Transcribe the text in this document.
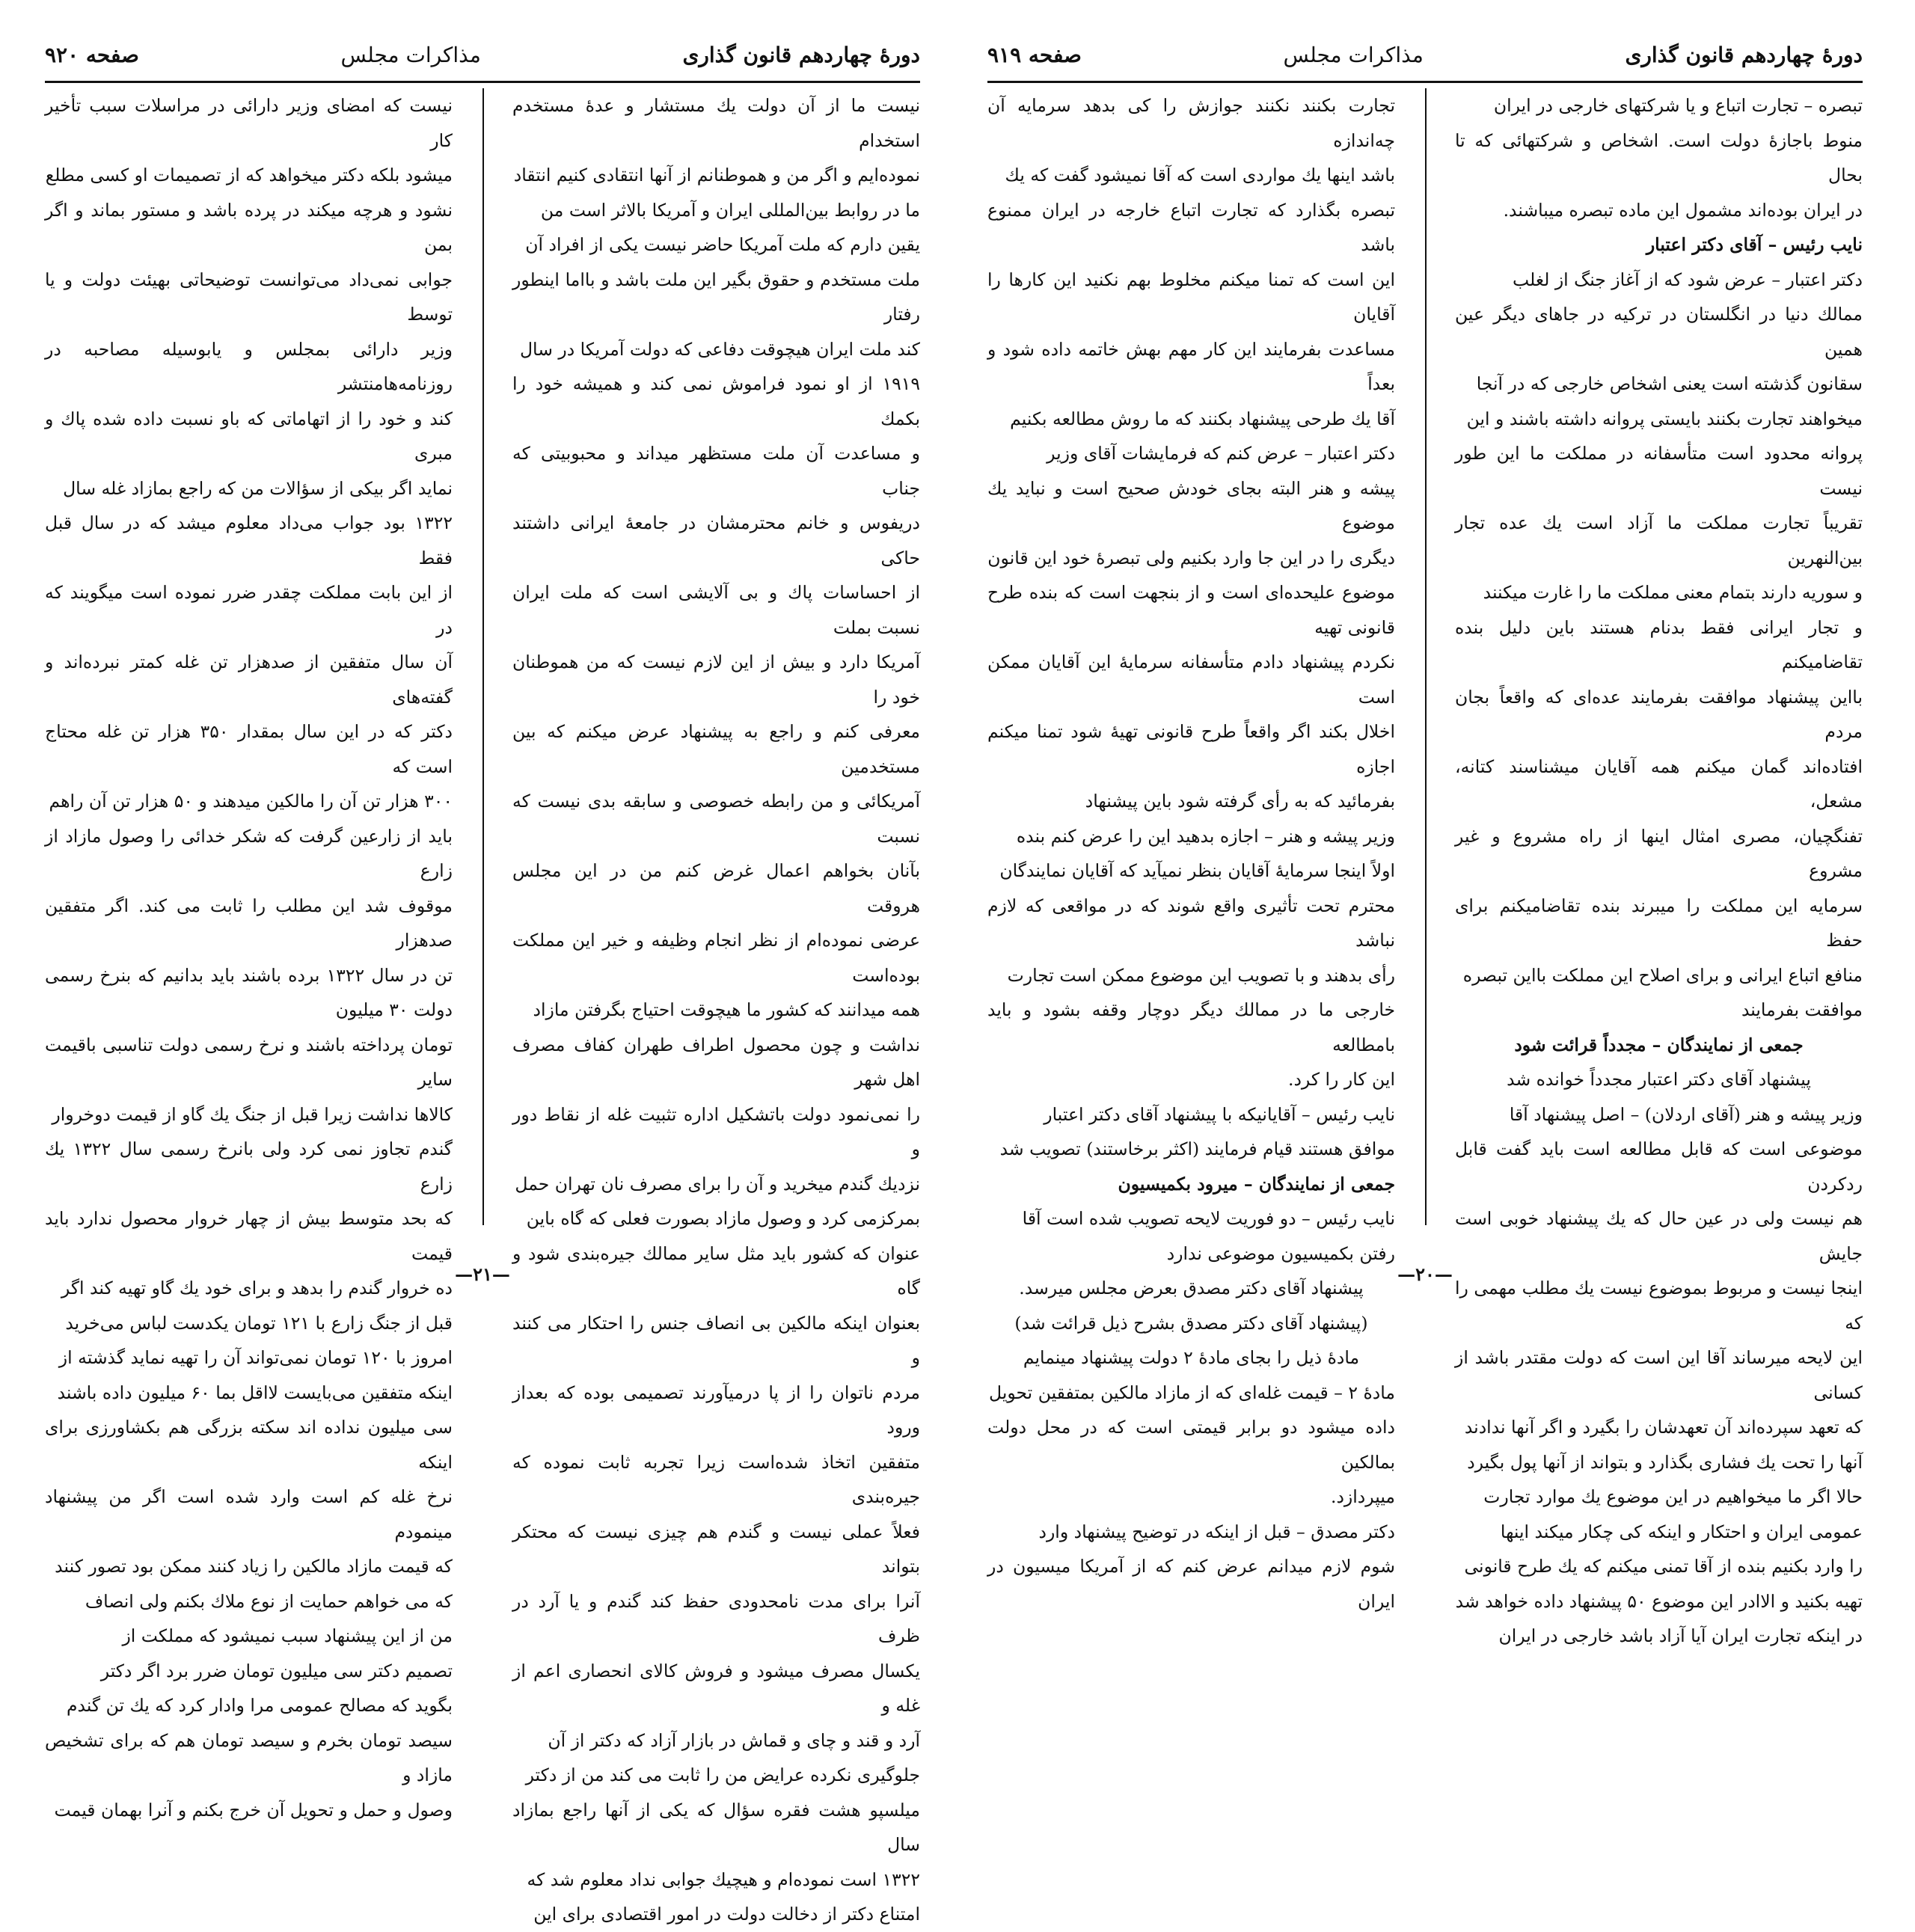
دورهٔ چهاردهم قانون گذاری
مذاکرات مجلس
صفحه ۹۲۰

نیست ما از آن دولت یك مستشار و عده‌ٔ مستخدم استخدام

نموده‌ایم و اگر من و هموطنانم از آنها انتقادی کنیم انتقاد

ما در روابط بین‌المللی ایران و آمریکا بالاثر است من

یقین دارم که ملت آمریکا حاضر نیست یکی از افراد آن

ملت مستخدم و حقوق بگیر این ملت باشد و بااما اینطور رفتار

کند ملت ایران هیچوقت دفاعی که دولت آمریکا در سال

۱۹۱۹ از او نمود فراموش نمی کند و همیشه خود را بکمك

و مساعدت آن ملت مستظهر میداند و محبوبیتی که جناب

دریفوس و خانم محترمشان در جامعهٔ ایرانی داشتند حاکی

از احساسات پاك و بی آلایشی است که ملت ایران نسبت بملت

آمریکا دارد و بیش از این لازم نیست که من هموطنان خود را

معرفی کنم و راجع به پیشنهاد عرض میکنم که بین مستخدمین

آمریکائی و من رابطه خصوصی و سابقه بدی نیست که نسبت

بآنان بخواهم اعمال غرض کنم من در این مجلس هروقت

عرضی نموده‌ام از نظر انجام وظیفه و خیر این مملکت بوده‌است

همه میدانند که کشور ما هیچوقت احتیاج بگرفتن مازاد

نداشت و چون محصول اطراف طهران کفاف مصرف اهل شهر

را نمی‌نمود دولت باتشکیل اداره تثبیت غله از نقاط دور و

نزدیك گندم میخرید و آن را برای مصرف نان تهران حمل

بمرکزمی کرد و وصول مازاد بصورت فعلی که گاه باین

عنوان که کشور باید مثل سایر ممالك جیره‌بندی شود و گاه

بعنوان اینکه مالکین بی انصاف جنس را احتکار می کنند و

مردم ناتوان را از پا درمیآورند تصمیمی بوده که بعداز ورود

متفقین اتخاذ شده‌است زیرا تجربه ثابت نموده که جیره‌بندی

فعلاً عملی نیست و گندم هم چیزی نیست که محتکر بتواند

آنرا برای مدت نامحدودی حفظ کند گندم و یا آرد در ظرف

یکسال مصرف میشود و فروش کالای انحصاری اعم از غله و

آرد و قند و چای و قماش در بازار آزاد که دکتر از آن

جلوگیری نکرده عرایض من را ثابت می کند من از دکتر

میلسپو هشت فقره سؤال که یکی از آنها راجع بمازاد سال

۱۳۲۲ است نموده‌ام و هیچیك جوابی نداد معلوم شد که

امتناع دکتر از دخالت دولت در امور اقتصادی برای این

نیست که امضای وزیر دارائی در مراسلات سبب تأخیر کار

میشود بلکه دکتر میخواهد که از تصمیمات او کسی مطلع

نشود و هرچه میکند در پرده باشد و مستور بماند و اگر بمن

جوابی نمی‌داد می‌توانست توضیحاتی بهیئت دولت و یا توسط

وزیر دارائی بمجلس و یابوسیله مصاحبه در روزنامه‌هامنتشر

کند و خود را از اتهاماتی که باو نسبت داده شده پاك و مبری

نماید اگر بیکی از سؤالات من که راجع بمازاد غله سال

۱۳۲۲ بود جواب می‌داد معلوم میشد که در سال قبل فقط

از این بابت مملکت چقدر ضرر نموده است میگویند که در

آن سال متفقین از صدهزار تن غله کمتر نبرده‌اند و گفته‌های

دکتر که در این سال بمقدار ۳۵۰ هزار تن غله محتاج است که

۳۰۰ هزار تن آن را مالکین میدهند و ۵۰ هزار تن آن راهم

باید از زارعین گرفت که شکر خدائی را وصول مازاد از زارع

موقوف شد این مطلب را ثابت می کند. اگر متفقین صدهزار

تن در سال ۱۳۲۲ برده باشند باید بدانیم که بنرخ رسمی دولت ۳۰ میلیون

تومان پرداخته باشند و نرخ رسمی دولت تناسبی باقیمت سایر

کالاها نداشت زیرا قبل از جنگ یك گاو از قیمت دوخروار

گندم تجاوز نمی کرد ولی بانرخ رسمی سال ۱۳۲۲ یك زارع

که بحد متوسط بیش از چهار خروار محصول ندارد باید قیمت

ده خروار گندم را بدهد و برای خود یك گاو تهیه کند اگر

قبل از جنگ زارع با ۱۲۱ تومان یکدست لباس می‌خرید

امروز با ۱۲۰ تومان نمی‌تواند آن را تهیه نماید گذشته از

اینکه متفقین می‌بایست لااقل بما ۶۰ میلیون داده باشند

سی میلیون نداده اند سکته بزرگی هم بکشاورزی برای اینکه

نرخ غله کم است وارد شده است اگر من پیشنهاد مینمودم

که قیمت مازاد مالکین را زیاد کنند ممکن بود تصور کنند

که می خواهم حمایت از نوع ملاك بکنم ولی انصاف

من از این پیشنهاد سبب نمیشود که مملکت از

تصمیم دکتر سی میلیون تومان ضرر برد اگر دکتر

بگوید که مصالح عمومی مرا وادار کرد که یك تن گندم

سیصد تومان بخرم و سیصد تومان هم که برای تشخیص مازاد و

وصول و حمل و تحویل آن خرج بکنم و آنرا بهمان قیمت

—۲۱—
دورهٔ چهاردهم قانون گذاری
مذاکرات مجلس
صفحه ۹۱۹

تبصره – تجارت اتباع و یا شرکتهای خارجی در ایران

منوط باجازهٔ دولت است. اشخاص و شرکتهائی که تا بحال

در ایران بوده‌اند مشمول این ماده تبصره میباشند.

نایب رئیس – آقای دکتر اعتبار

دکتر اعتبار – عرض شود که از آغاز جنگ از لغلب

ممالك دنیا در انگلستان در ترکیه در جاهای دیگر عین همین

سقانون گذشته است یعنی اشخاص خارجی که در آنجا

میخواهند تجارت بکنند بایستی پروانه داشته باشند و این

پروانه محدود است متأسفانه در مملکت ما این طور نیست

تقریباً تجارت مملکت ما آزاد است یك عده تجار بین‌النهرین

و سوریه دارند بتمام معنی مملکت ما را غارت میکنند

و تجار ایرانی فقط بدنام هستند باین دلیل بنده تقاضامیکنم

بااین پیشنهاد موافقت بفرمایند عده‌ای که واقعاً بجان مردم

افتاده‌اند گمان میکنم همه آقایان میشناسند کتانه، مشعل،

تفنگچیان، مصری امثال اینها از راه مشروع و غیر مشروع

سرمایه این مملکت را میبرند بنده تقاضامیکنم برای حفظ

منافع اتباع ایرانی و برای اصلاح این مملکت بااین تبصره

موافقت بفرمایند

جمعی از نمایندگان – مجدداً قرائت شود

پیشنهاد آقای دکتر اعتبار مجدداً خوانده شد

وزیر پیشه و هنر (آقای اردلان) – اصل پیشنهاد آقا

موضوعی است که قابل مطالعه است باید گفت قابل ردکردن

هم نیست ولی در عین حال که یك پیشنهاد خوبی است جایش

اینجا نیست و مربوط بموضوع نیست یك مطلب مهمی را که

این لایحه میرساند آقا این است که دولت مقتدر باشد از کسانی

که تعهد سپرده‌اند آن تعهدشان را بگیرد و اگر آنها ندادند

آنها را تحت یك فشاری بگذارد و بتواند از آنها پول بگیرد

حالا اگر ما میخواهیم در این موضوع یك موارد تجارت

عمومی ایران و احتکار و اینکه کی چکار میکند اینها

را وارد بکنیم بنده از آقا تمنی میکنم که یك طرح قانونی

تهیه بکنید و الاادر این موضوع ۵۰ پیشنهاد داده خواهد شد

در اینکه تجارت ایران آیا آزاد باشد خارجی در ایران

تجارت بکنند نکنند جوازش را کی بدهد سرمایه آن چه‌اندازه

باشد اینها یك مواردی است که آقا نمیشود گفت که یك

تبصره بگذارد که تجارت اتباع خارجه در ایران ممنوع باشد

این است که تمنا میکنم مخلوط بهم نکنید این کارها را آقایان

مساعدت بفرمایند این کار مهم بهش خاتمه داده شود و بعداً

آقا یك طرحی پیشنهاد بکنند که ما روش مطالعه بکنیم

دکتر اعتبار – عرض کنم که فرمایشات آقای وزیر

پیشه و هنر البته بجای خودش صحیح است و نباید یك موضوع

دیگری را در این جا وارد بکنیم ولی تبصرهٔ خود این قانون

موضوع علیحده‌ای است و از بنجهت است که بنده طرح قانونی تهیه

نکردم پیشنهاد دادم متأسفانه سرمایهٔ این آقایان ممکن است

اخلال بکند اگر واقعاً طرح قانونی تهیهٔ شود تمنا میکنم اجازه

بفرمائید که به رأی گرفته شود باین پیشنهاد

وزیر پیشه و هنر – اجازه بدهید این را عرض کنم بنده

اولاً اینجا سرمایهٔ آقایان بنظر نمیآید که آقایان نمایندگان

محترم تحت تأثیری واقع شوند که در مواقعی که لازم نباشد

رأی بدهند و با تصویب این موضوع ممکن است تجارت

خارجی ما در ممالك دیگر دوچار وقفه بشود و باید بامطالعه

این کار را کرد.

نایب رئیس – آقایانیکه با پیشنهاد آقای دکتر اعتبار

موافق هستند قیام فرمایند (اکثر برخاستند) تصویب شد

جمعی از نمایندگان – میرود بکمیسیون

نایب رئیس – دو فوریت لایحه تصویب شده است آقا

رفتن بکمیسیون موضوعی ندارد

پیشنهاد آقای دکتر مصدق بعرض مجلس میرسد.

(پیشنهاد آقای دکتر مصدق بشرح ذیل قرائت شد)

مادهٔ ذیل را بجای مادهٔ ۲ دولت پیشنهاد مینمایم

مادهٔ ۲ – قیمت غله‌ای که از مازاد مالکین بمتفقین تحویل

داده میشود دو برابر قیمتی است که در محل دولت بمالکین

میپردازد.

دکتر مصدق – قبل از اینکه در توضیح پیشنهاد وارد

شوم لازم میدانم عرض کنم که از آمریکا میسیون در ایران

—۲۰—
